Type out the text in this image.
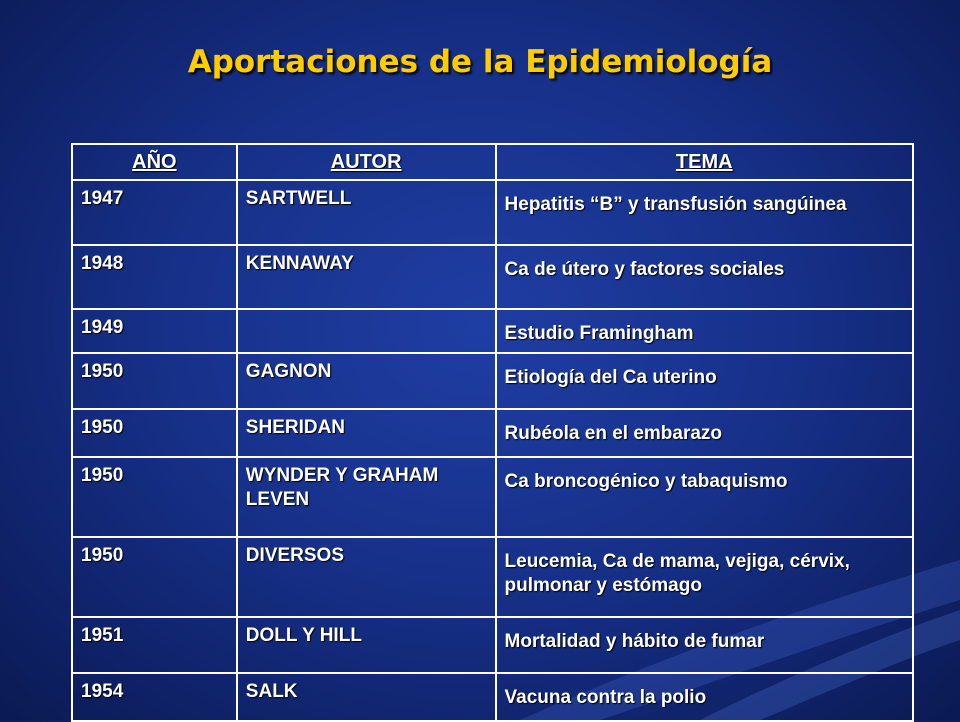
Aportaciones de la Epidemiología
AÑO	AUTOR	TEMA
1947	SARTWELL	Hepatitis “B” y transfusión sangúinea
1948	KENNAWAY	Ca de útero y factores sociales
1949		Estudio Framingham
1950	GAGNON	Etiología del Ca uterino
1950	SHERIDAN	Rubéola en el embarazo
1950	WYNDER Y GRAHAM LEVEN	Ca broncogénico y tabaquismo
1950	DIVERSOS	Leucemia, Ca de mama, vejiga, cérvix, pulmonar y estómago
1951	DOLL Y HILL	Mortalidad y hábito de fumar
1954	SALK	Vacuna contra la polio
